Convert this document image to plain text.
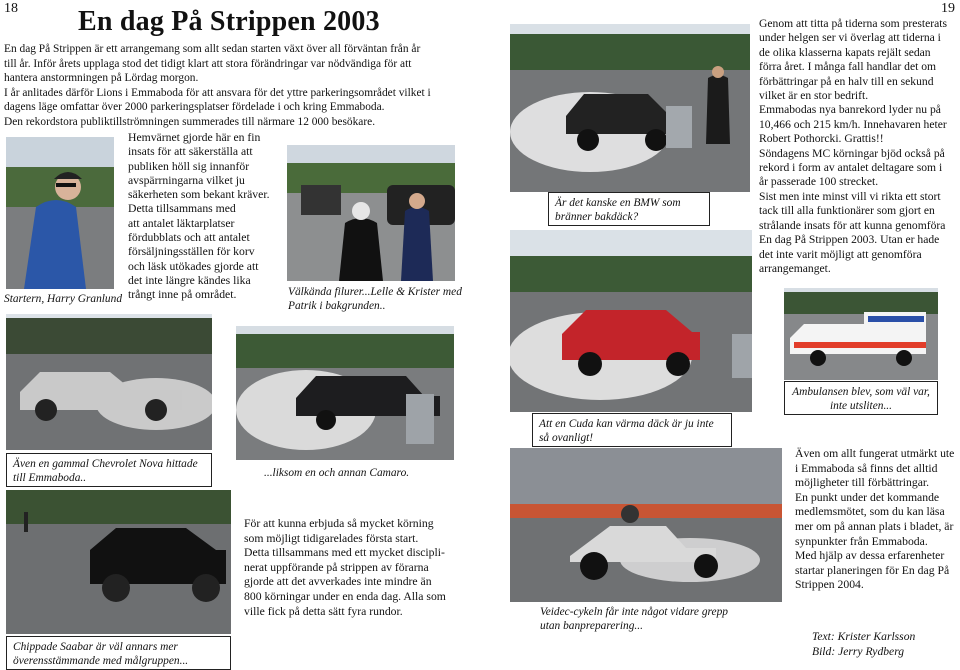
18 En dag På Strippen 2003
En dag På Strippen är ett arrangemang som allt sedan starten växt över all förväntan från år
till år. Inför årets upplaga stod det tidigt klart att stora förändringar var nödvändiga för att
hantera anstormningen på Lördag morgon.
I år anlitades därför Lions i Emmaboda för att ansvara för det yttre parkeringsområdet vilket i
dagens läge omfattar över 2000 parkeringsplatser fördelade i och kring Emmaboda.
Den rekordstora publiktillströmningen summerades till närmare 12 000 besökare.
Startern, Harry Granlund
Hemvärnet gjorde här en fin
insats för att säkerställa att
publiken höll sig innanför
avspärrningarna vilket ju
säkerheten som bekant kräver.
Detta tillsammans med
att antalet läktarplatser
fördubblats och att antalet
försäljningsställen för korv
och läsk utökades gjorde att
det inte längre kändes lika
trångt inne på området.	Välkända filurer...Lelle & Krister med
Patrik i bakgrunden..
Även en gammal Chevrolet Nova hittade
till Emmaboda..	...liksom en och annan Camaro.
Chippade Saabar är väl annars mer
överensstämmande med målgruppen...
För att kunna erbjuda så mycket körning
som möjligt tidigarelades första start.
Detta tillsammans med ett mycket discipli-
nerat uppförande på strippen av förarna
gjorde att det avverkades inte mindre än
800 körningar under en enda dag. Alla som
ville fick på detta sätt fyra rundor.
19
Är det kanske en BMW som
bränner bakdäck?
Genom att titta på tiderna som presterats
under helgen ser vi överlag att tiderna i
de olika klasserna kapats rejält sedan
förra året. I många fall handlar det om
förbättringar på en halv till en sekund
vilket är en stor bedrift.
Emmabodas nya banrekord lyder nu på
10,466 och 215 km/h. Innehavaren heter
Robert Pothorcki. Grattis!!
Söndagens MC körningar bjöd också på
rekord i form av antalet deltagare som i
år passerade 100 strecket.
Sist men inte minst vill vi rikta ett stort
tack till alla funktionärer som gjort en
strålande insats för att kunna genomföra
En dag På Strippen 2003. Utan er hade
det inte varit möjligt att genomföra
arrangemanget.
Att en Cuda kan värma däck är ju inte
så ovanligt!
Ambulansen blev, som väl var,
inte utsliten...
Veidec-cykeln får inte något vidare grepp
utan banpreparering...
Även om allt fungerat utmärkt ute
i Emmaboda så finns det alltid
möjligheter till förbättringar.
En punkt under det kommande
medlemsmötet, som du kan läsa
mer om på annan plats i bladet, är
synpunkter från Emmaboda.
Med hjälp av dessa erfarenheter
startar planeringen för En dag På
Strippen 2004.
Text: Krister Karlsson
Bild: Jerry Rydberg
